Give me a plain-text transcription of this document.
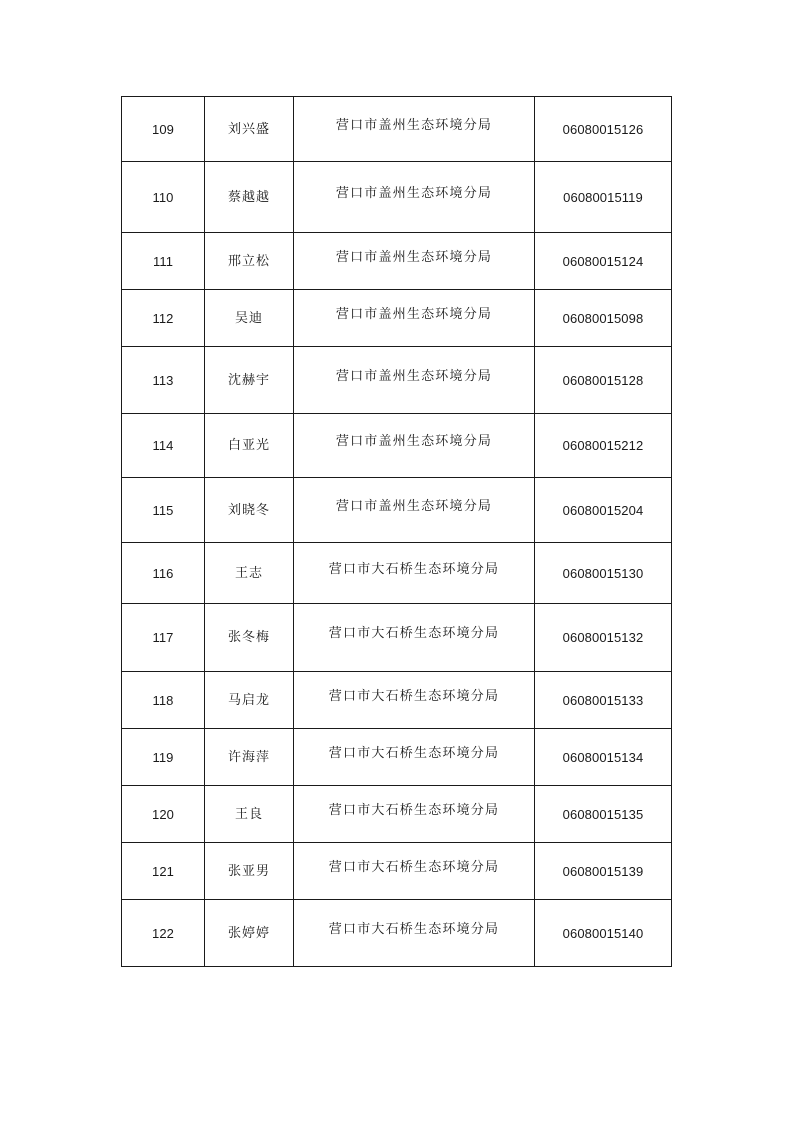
109	刘兴盛	营口市盖州生态环境分局	06080015126
110	蔡越越	营口市盖州生态环境分局	06080015119
111	邢立松	营口市盖州生态环境分局	06080015124
112	吴迪	营口市盖州生态环境分局	06080015098
113	沈赫宇	营口市盖州生态环境分局	06080015128
114	白亚光	营口市盖州生态环境分局	06080015212
115	刘晓冬	营口市盖州生态环境分局	06080015204
116	王志	营口市大石桥生态环境分局	06080015130
117	张冬梅	营口市大石桥生态环境分局	06080015132
118	马启龙	营口市大石桥生态环境分局	06080015133
119	许海萍	营口市大石桥生态环境分局	06080015134
120	王良	营口市大石桥生态环境分局	06080015135
121	张亚男	营口市大石桥生态环境分局	06080015139
122	张婷婷	营口市大石桥生态环境分局	06080015140
